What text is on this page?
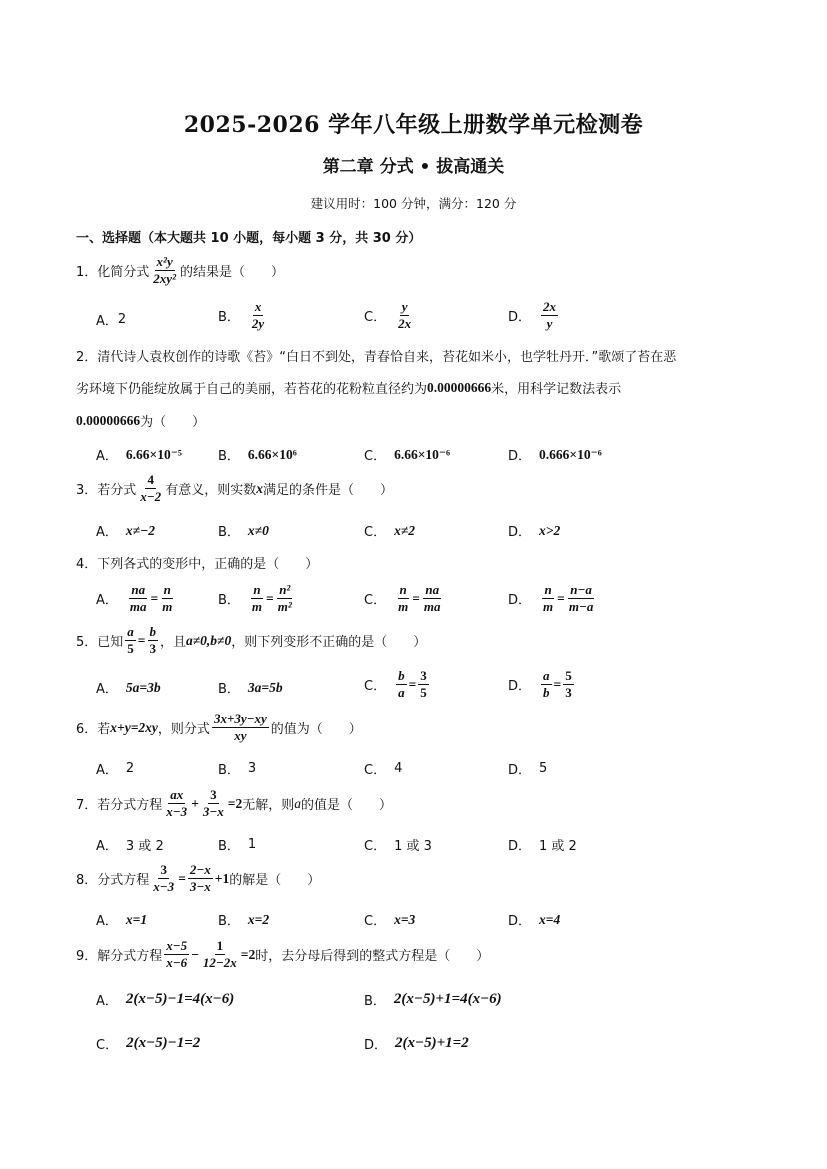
2025-2026 学年八年级上册数学单元检测卷
第二章 分式 • 拔高通关
建议用时：100 分钟，满分：120 分
一、选择题（本大题共 10 小题，每小题 3 分，共 30 分）
1． 化简分式 $\frac{\text{x²y}}{\text{2xy²}}$ 的结果是（　　）
A． 2	B． $\frac{x}{2y}$	C． $\frac{y}{2x}$	D． $\frac{2x}{y}$
2．清代诗人袁枚创作的诗歌《苔》“白日不到处，青春恰自来，苔花如米小，也学牡丹开．”歌颂了苔在恶
劣环境下仍能绽放属于自己的美丽，若苔花的花粉粒直径约为 0.00000666 米，用科学记数法表示
0.00000666 为（　　）
A． 6.66×10⁻⁵	B． 6.66×10⁶	C． 6.66×10⁻⁶	D． 0.666×10⁻⁶
3． 若分式 $\frac{4}{x-2}$ 有意义，则实数 x 满足的条件是（　　）
A． x≠−2	B． x≠0	C． x≠2	D． x>2
4．下列各式的变形中，正确的是（　　）
A． $\frac{na}{ma} = \frac{n}{m}$	B． $\frac{n}{m} = \frac{\text{n²}}{\text{m²}}$	C． $\frac{n}{m} = \frac{na}{ma}$	D． $\frac{n}{m} = \frac{n-a}{m-a}$
5． 已知 $\frac{a}{5} = \frac{b}{3}$ ，且 a≠0,b≠0 ，则下列变形不正确的是（　　）
A． 5a=3b	B． 3a=5b	C． $\frac{b}{a} = \frac{3}{5}$	D． $\frac{a}{b} = \frac{5}{3}$
6． 若 x+y=2xy ，则分式 $\frac{3x+3y-xy}{xy}$ 的值为（　　）
A． 2	B． 3	C． 4	D． 5
7． 若分式方程 $\frac{ax}{x-3} + \frac{3}{3-x} =2$ 无解，则 a 的值是（　　）
A． 3 或 2	B． 1	C． 1 或 3	D． 1 或 2
8． 分式方程 $\frac{3}{x-3} = \frac{2-x}{3-x} +1$ 的解是（　　）
A． x=1	B． x=2	C． x=3	D． x=4
9． 解分式方程 $\frac{x-5}{x-6} - \frac{1}{12-2x} =2$ 时，去分母后得到的整式方程是（　　）
A． 2(x−5)−1=4(x−6)	B． 2(x−5)+1=4(x−6)
C． 2(x−5)−1=2	D． 2(x−5)+1=2
